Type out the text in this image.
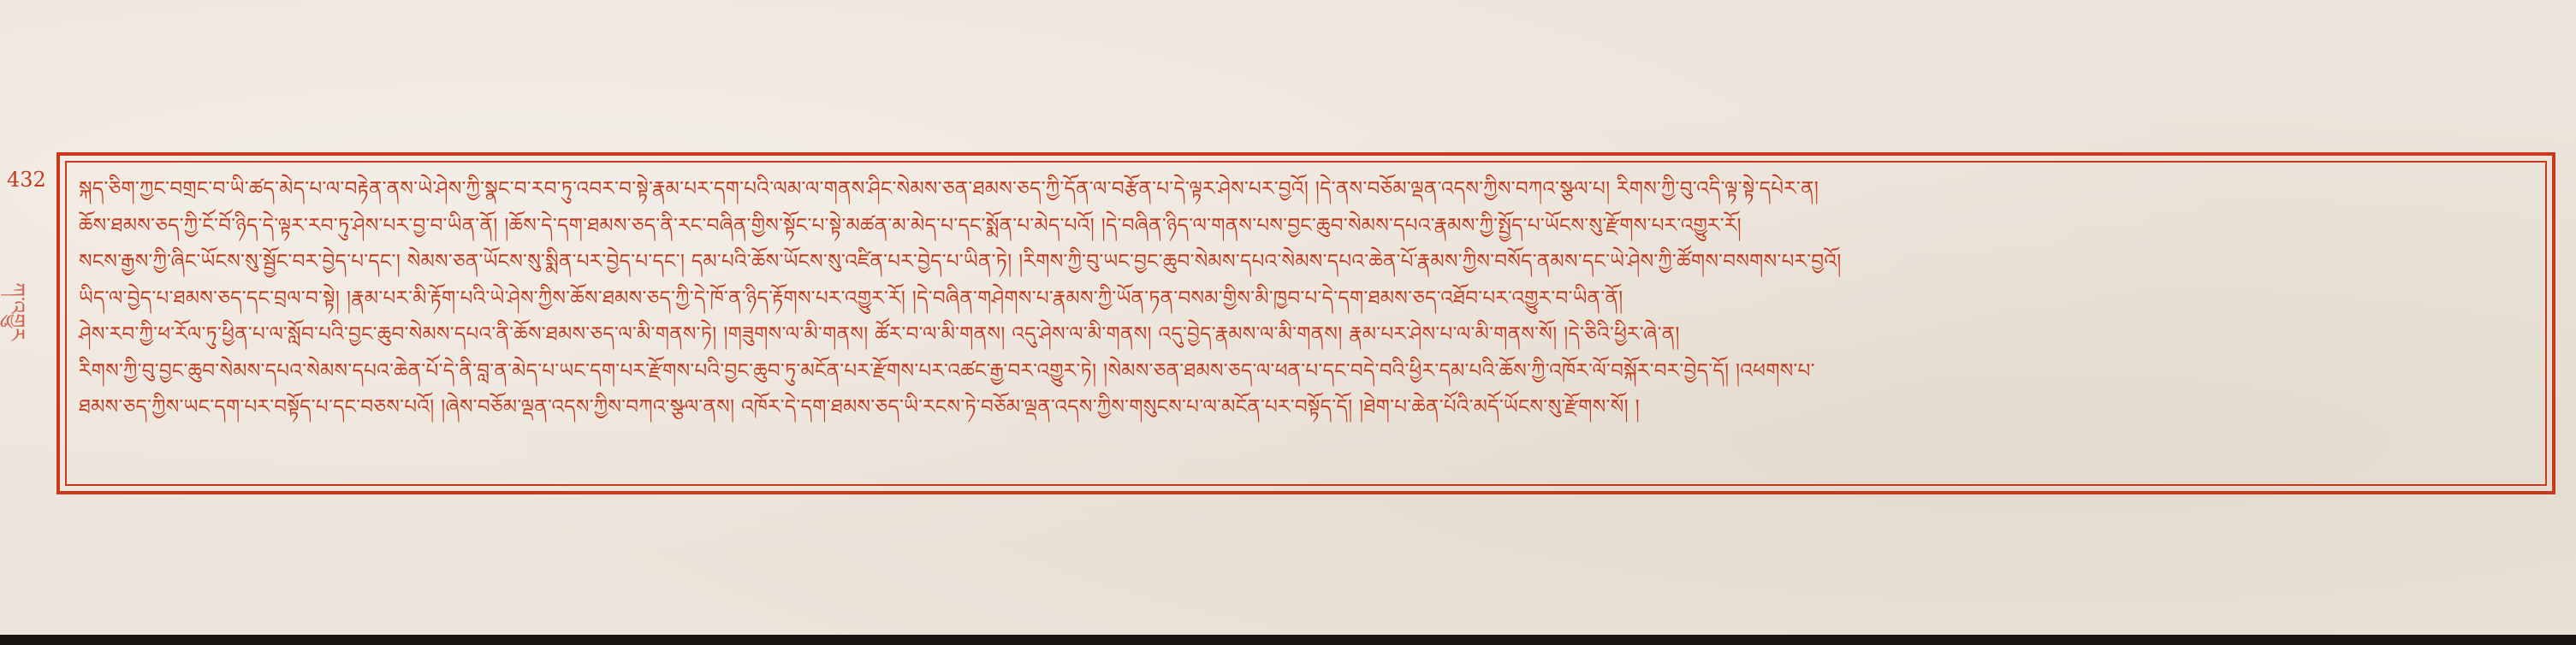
432
ཀ་འགྱུར
སྐད་ཅིག་ཀྱང་བགྲང་བ་ཡི་ཚད་མེད་པ་ལ་བརྟེན་ནས་ཡེ་ཤེས་ཀྱི་སྣང་བ་རབ་ཏུ་འབར་བ་སྟེ་རྣམ་པར་དག་པའི་ལམ་ལ་གནས་ཤིང་སེམས་ཅན་ཐམས་ཅད་ཀྱི་དོན་ལ་བརྩོན་པ་དེ་ལྟར་ཤེས་པར་བྱའོ། །དེ་ནས་བཅོམ་ལྡན་འདས་ཀྱིས་བཀའ་སྩལ་པ། རིགས་ཀྱི་བུ་འདི་ལྟ་སྟེ་དཔེར་ན།
ཆོས་ཐམས་ཅད་ཀྱི་ངོ་བོ་ཉིད་དེ་ལྟར་རབ་ཏུ་ཤེས་པར་བྱ་བ་ཡིན་ནོ། །ཆོས་དེ་དག་ཐམས་ཅད་ནི་རང་བཞིན་གྱིས་སྟོང་པ་སྟེ་མཚན་མ་མེད་པ་དང་སྨོན་པ་མེད་པའོ། །དེ་བཞིན་ཉིད་ལ་གནས་པས་བྱང་ཆུབ་སེམས་དཔའ་རྣམས་ཀྱི་སྤྱོད་པ་ཡོངས་སུ་རྫོགས་པར་འགྱུར་རོ།
སངས་རྒྱས་ཀྱི་ཞིང་ཡོངས་སུ་སྦྱོང་བར་བྱེད་པ་དང་། སེམས་ཅན་ཡོངས་སུ་སྨིན་པར་བྱེད་པ་དང་། དམ་པའི་ཆོས་ཡོངས་སུ་འཛིན་པར་བྱེད་པ་ཡིན་ཏེ། །རིགས་ཀྱི་བུ་ཡང་བྱང་ཆུབ་སེམས་དཔའ་སེམས་དཔའ་ཆེན་པོ་རྣམས་ཀྱིས་བསོད་ནམས་དང་ཡེ་ཤེས་ཀྱི་ཚོགས་བསགས་པར་བྱའོ།
ཡིད་ལ་བྱེད་པ་ཐམས་ཅད་དང་བྲལ་བ་སྟེ། །རྣམ་པར་མི་རྟོག་པའི་ཡེ་ཤེས་ཀྱིས་ཆོས་ཐམས་ཅད་ཀྱི་དེ་ཁོ་ན་ཉིད་རྟོགས་པར་འགྱུར་རོ། །དེ་བཞིན་གཤེགས་པ་རྣམས་ཀྱི་ཡོན་ཏན་བསམ་གྱིས་མི་ཁྱབ་པ་དེ་དག་ཐམས་ཅད་འཐོབ་པར་འགྱུར་བ་ཡིན་ནོ།
ཤེས་རབ་ཀྱི་ཕ་རོལ་ཏུ་ཕྱིན་པ་ལ་སློབ་པའི་བྱང་ཆུབ་སེམས་དཔའ་ནི་ཆོས་ཐམས་ཅད་ལ་མི་གནས་ཏེ། །གཟུགས་ལ་མི་གནས། ཚོར་བ་ལ་མི་གནས། འདུ་ཤེས་ལ་མི་གནས། འདུ་བྱེད་རྣམས་ལ་མི་གནས། རྣམ་པར་ཤེས་པ་ལ་མི་གནས་སོ། །དེ་ཅིའི་ཕྱིར་ཞེ་ན།
རིགས་ཀྱི་བུ་བྱང་ཆུབ་སེམས་དཔའ་སེམས་དཔའ་ཆེན་པོ་དེ་ནི་བླ་ན་མེད་པ་ཡང་དག་པར་རྫོགས་པའི་བྱང་ཆུབ་ཏུ་མངོན་པར་རྫོགས་པར་འཚང་རྒྱ་བར་འགྱུར་ཏེ། །སེམས་ཅན་ཐམས་ཅད་ལ་ཕན་པ་དང་བདེ་བའི་ཕྱིར་དམ་པའི་ཆོས་ཀྱི་འཁོར་ལོ་བསྐོར་བར་བྱེད་དོ། །འཕགས་པ་
ཐམས་ཅད་ཀྱིས་ཡང་དག་པར་བསྟོད་པ་དང་བཅས་པའོ། །ཞེས་བཅོམ་ལྡན་འདས་ཀྱིས་བཀའ་སྩལ་ནས། འཁོར་དེ་དག་ཐམས་ཅད་ཡི་རངས་ཏེ་བཅོམ་ལྡན་འདས་ཀྱིས་གསུངས་པ་ལ་མངོན་པར་བསྟོད་དོ། །ཐེག་པ་ཆེན་པོའི་མདོ་ཡོངས་སུ་རྫོགས་སོ། །
